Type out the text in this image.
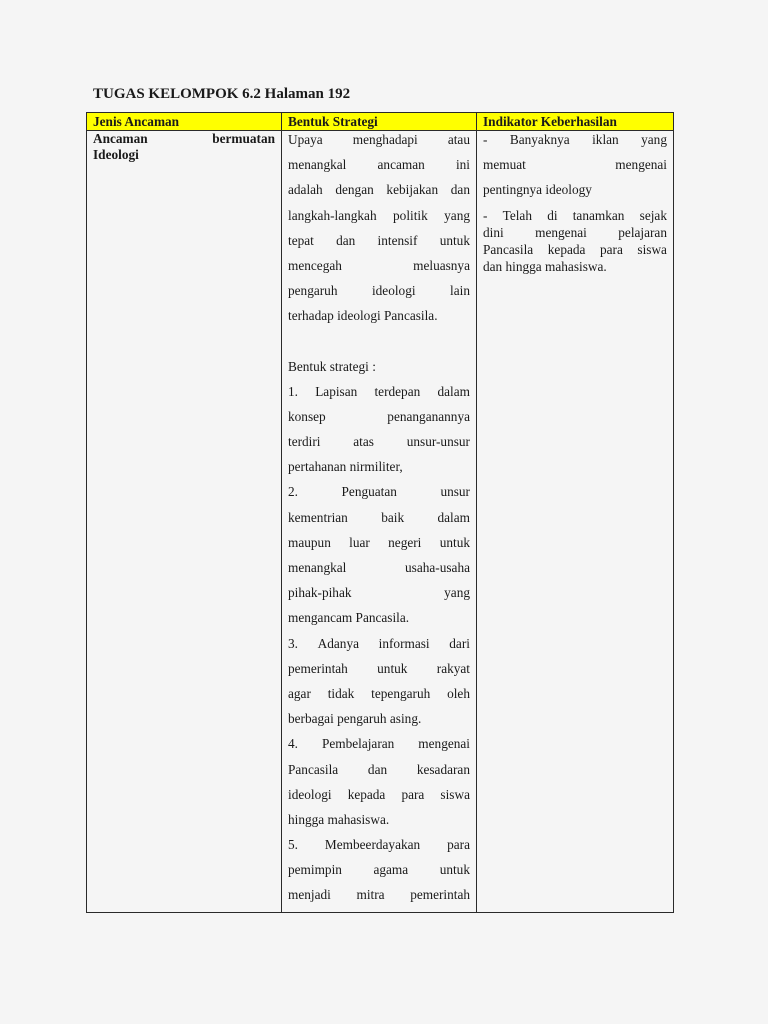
TUGAS KELOMPOK 6.2 Halaman 192
Jenis Ancaman	Bentuk Strategi	Indikator Keberhasilan

Ancaman	bermuatan
Ideologi

Upaya menghadapi atau
menangkal ancaman ini
adalah dengan kebijakan dan
langkah-langkah politik yang
tepat dan intensif untuk
mencegah	meluasnya
pengaruh	ideologi	lain
terhadap ideologi Pancasila.
Bentuk strategi :
1. Lapisan terdepan dalam
konsep	penanganannya
terdiri atas unsur-unsur
pertahanan nirmiliter,
2.	Penguatan	unsur
kementrian	baik	dalam
maupun luar negeri untuk
menangkal	usaha-usaha
pihak-pihak	yang
mengancam Pancasila.
3. Adanya informasi dari
pemerintah untuk rakyat
agar tidak tepengaruh oleh
berbagai pengaruh asing.
4. Pembelajaran mengenai
Pancasila dan kesadaran
ideologi kepada para siswa
hingga mahasiswa.
5. Membeerdayakan para
pemimpin agama untuk
menjadi mitra pemerintah

- Banyaknya iklan yang
memuat	mengenai
pentingnya ideology
- Telah di tanamkan sejak
dini mengenai pelajaran
Pancasila kepada para siswa
dan hingga mahasiswa.
